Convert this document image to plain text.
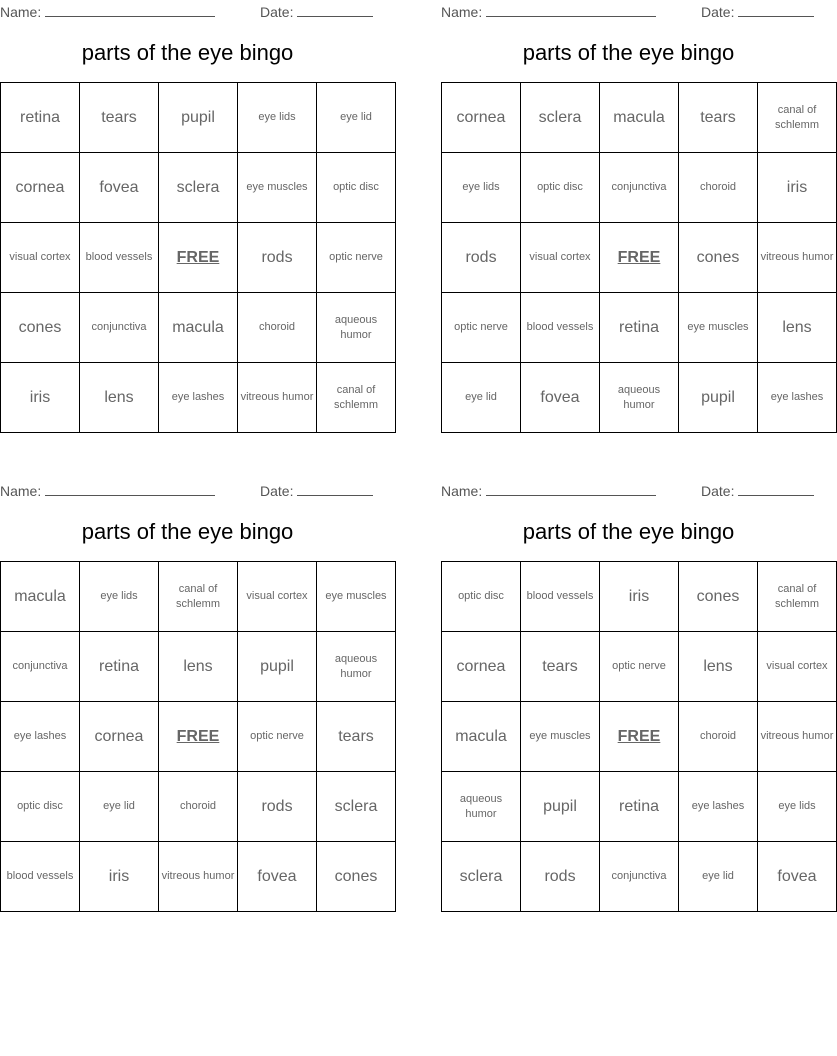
Name:	Date:
parts of the eye bingo
retina	tears	pupil	eye lids	eye lid
cornea	fovea	sclera	eye muscles	optic disc
visual cortex	blood vessels	FREE	rods	optic nerve
cones	conjunctiva	macula	choroid	aqueous humor
iris	lens	eye lashes	vitreous humor	canal of schlemm
Name:	Date:
parts of the eye bingo
cornea	sclera	macula	tears	canal of schlemm
eye lids	optic disc	conjunctiva	choroid	iris
rods	visual cortex	FREE	cones	vitreous humor
optic nerve	blood vessels	retina	eye muscles	lens
eye lid	fovea	aqueous humor	pupil	eye lashes
Name:	Date:
parts of the eye bingo
macula	eye lids	canal of schlemm	visual cortex	eye muscles
conjunctiva	retina	lens	pupil	aqueous humor
eye lashes	cornea	FREE	optic nerve	tears
optic disc	eye lid	choroid	rods	sclera
blood vessels	iris	vitreous humor	fovea	cones
Name:	Date:
parts of the eye bingo
optic disc	blood vessels	iris	cones	canal of schlemm
cornea	tears	optic nerve	lens	visual cortex
macula	eye muscles	FREE	choroid	vitreous humor
aqueous humor	pupil	retina	eye lashes	eye lids
sclera	rods	conjunctiva	eye lid	fovea
